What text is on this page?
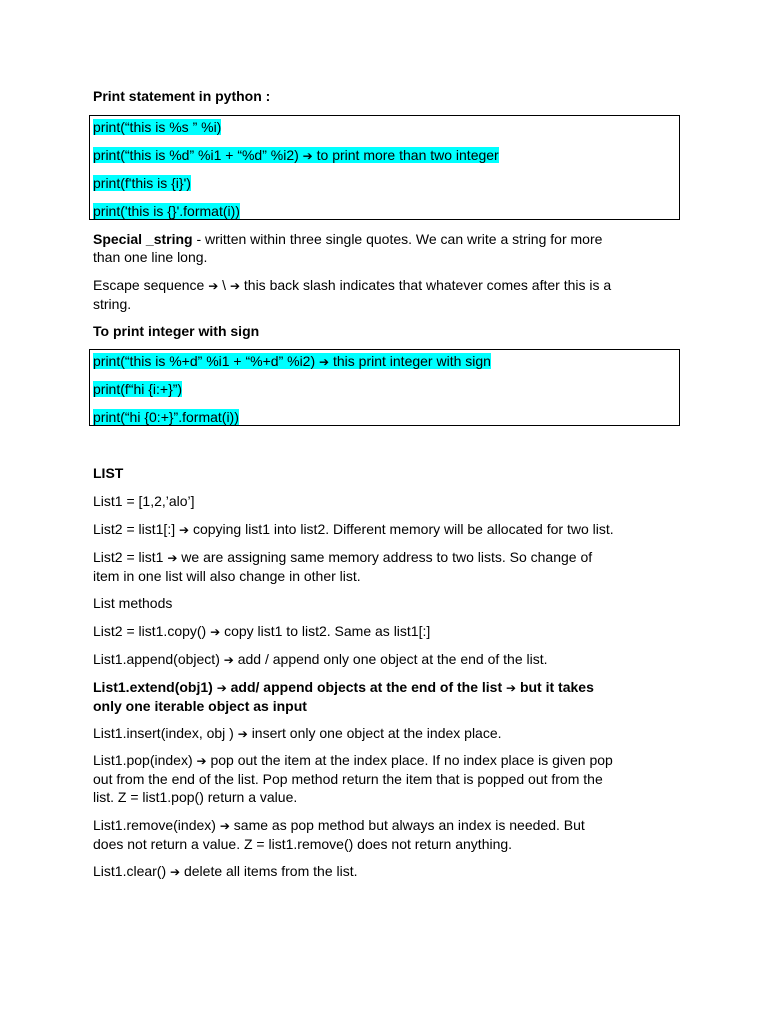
Print statement in python :
print(“this is %s ” %i)
print(“this is %d” %i1 + “%d” %i2) ➔ to print more than two integer
print(f'this is {i}')
print('this is {}'.format(i))
Special _string - written within three single quotes. We can write a string for more
than one line long.
Escape sequence ➔ \ ➔ this back slash indicates that whatever comes after this is a
string.
To print integer with sign
print(“this is %+d” %i1 + “%+d” %i2) ➔ this print integer with sign
print(f“hi {i:+}”)
print(“hi {0:+}”.format(i))
LIST
List1 = [1,2,’alo’]
List2 = list1[:] ➔ copying list1 into list2. Different memory will be allocated for two list.
List2 = list1 ➔ we are assigning same memory address to two lists. So change of
item in one list will also change in other list.
List methods
List2 = list1.copy() ➔ copy list1 to list2. Same as list1[:]
List1.append(object) ➔ add / append only one object at the end of the list.
List1.extend(obj1) ➔ add/ append objects at the end of the list ➔ but it takes
only one iterable object as input
List1.insert(index, obj ) ➔ insert only one object at the index place.
List1.pop(index) ➔ pop out the item at the index place. If no index place is given pop
out from the end of the list. Pop method return the item that is popped out from the
list. Z = list1.pop() return a value.
List1.remove(index) ➔ same as pop method but always an index is needed. But
does not return a value. Z = list1.remove() does not return anything.
List1.clear() ➔ delete all items from the list.
